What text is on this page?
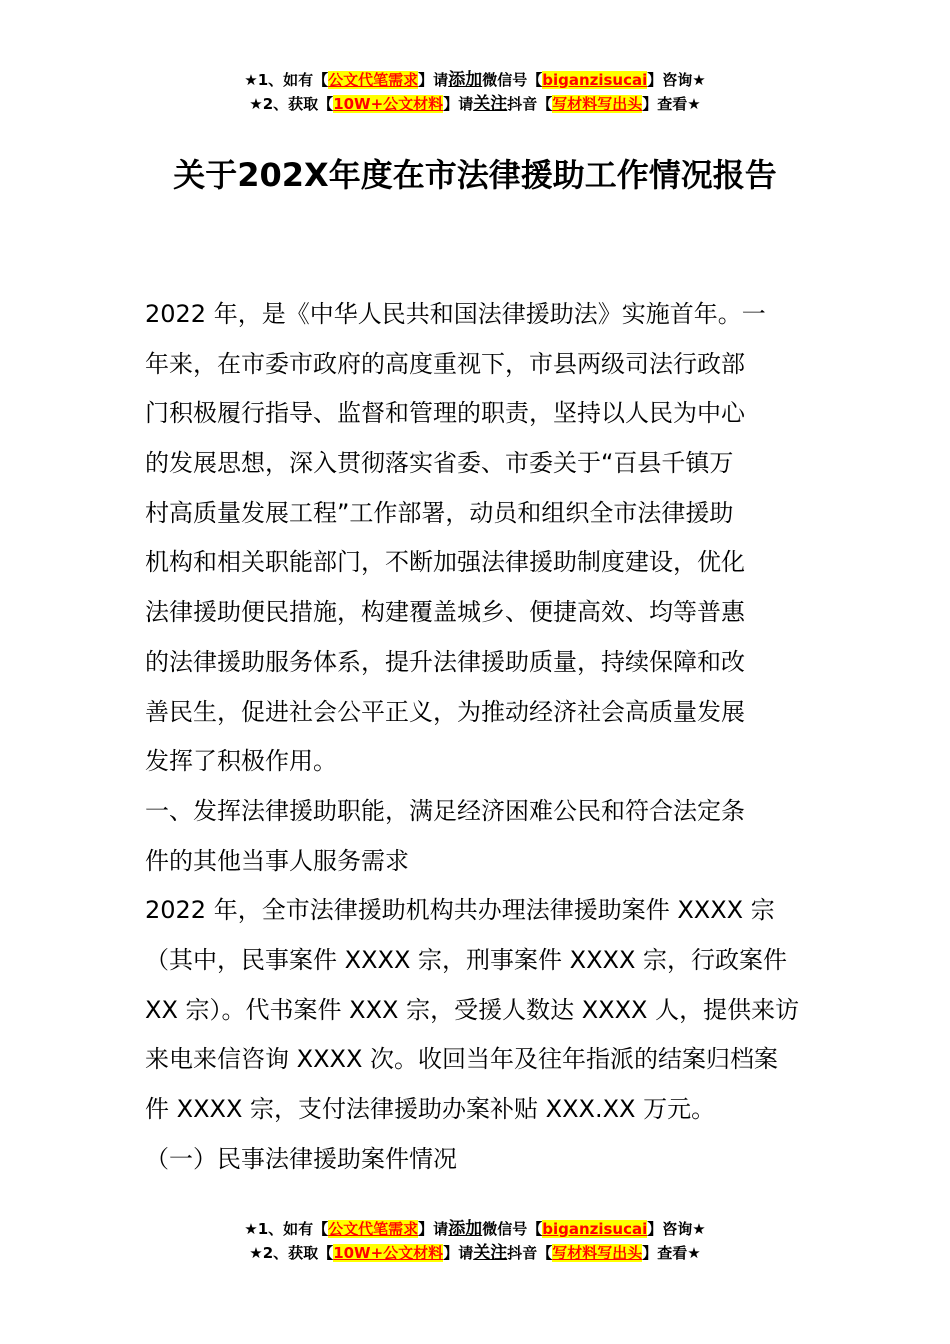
★1、如有【公文代笔需求】请添加微信号【biganzisucai】咨询★
★2、获取【10W+公文材料】请关注抖音【写材料写出头】查看★
关于202X年度在市法律援助工作情况报告
2022 年，是《中华人民共和国法律援助法》实施首年。一
年来，在市委市政府的高度重视下，市县两级司法行政部
门积极履行指导、监督和管理的职责，坚持以人民为中心
的发展思想，深入贯彻落实省委、市委关于“百县千镇万
村高质量发展工程”工作部署，动员和组织全市法律援助
机构和相关职能部门，不断加强法律援助制度建设，优化
法律援助便民措施，构建覆盖城乡、便捷高效、均等普惠
的法律援助服务体系，提升法律援助质量，持续保障和改
善民生，促进社会公平正义，为推动经济社会高质量发展
发挥了积极作用。
一、发挥法律援助职能，满足经济困难公民和符合法定条
件的其他当事人服务需求
2022 年，全市法律援助机构共办理法律援助案件 XXXX 宗
（其中，民事案件 XXXX 宗，刑事案件 XXXX 宗，行政案件
XX 宗）。代书案件 XXX 宗，受援人数达 XXXX 人，提供来访
来电来信咨询 XXXX 次。收回当年及往年指派的结案归档案
件 XXXX 宗，支付法律援助办案补贴 XXX.XX 万元。
（一）民事法律援助案件情况
★1、如有【公文代笔需求】请添加微信号【biganzisucai】咨询★
★2、获取【10W+公文材料】请关注抖音【写材料写出头】查看★
